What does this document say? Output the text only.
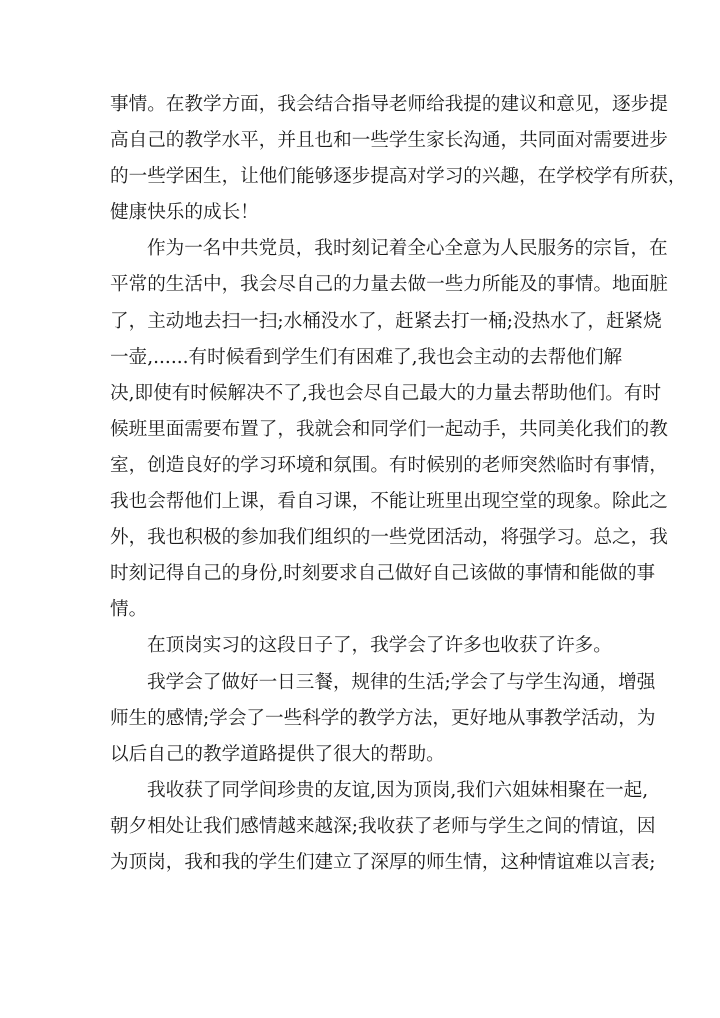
事情。在教学方面，我会结合指导老师给我提的建议和意见，逐步提
高自己的教学水平，并且也和一些学生家长沟通，共同面对需要进步
的一些学困生，让他们能够逐步提高对学习的兴趣，在学校学有所获，
健康快乐的成长！
作为一名中共党员，我时刻记着全心全意为人民服务的宗旨，在
平常的生活中，我会尽自己的力量去做一些力所能及的事情。地面脏
了，主动地去扫一扫;水桶没水了，赶紧去打一桶;没热水了，赶紧烧
一壶,......有时候看到学生们有困难了,我也会主动的去帮他们解
决,即使有时候解决不了,我也会尽自己最大的力量去帮助他们。有时
候班里面需要布置了，我就会和同学们一起动手，共同美化我们的教
室，创造良好的学习环境和氛围。有时候别的老师突然临时有事情，
我也会帮他们上课，看自习课，不能让班里出现空堂的现象。除此之
外，我也积极的参加我们组织的一些党团活动，将强学习。总之，我
时刻记得自己的身份,时刻要求自己做好自己该做的事情和能做的事
情。
在顶岗实习的这段日子了，我学会了许多也收获了许多。
我学会了做好一日三餐，规律的生活;学会了与学生沟通，增强
师生的感情;学会了一些科学的教学方法，更好地从事教学活动，为
以后自己的教学道路提供了很大的帮助。
我收获了同学间珍贵的友谊,因为顶岗,我们六姐妹相聚在一起,
朝夕相处让我们感情越来越深;我收获了老师与学生之间的情谊，因
为顶岗，我和我的学生们建立了深厚的师生情，这种情谊难以言表;
